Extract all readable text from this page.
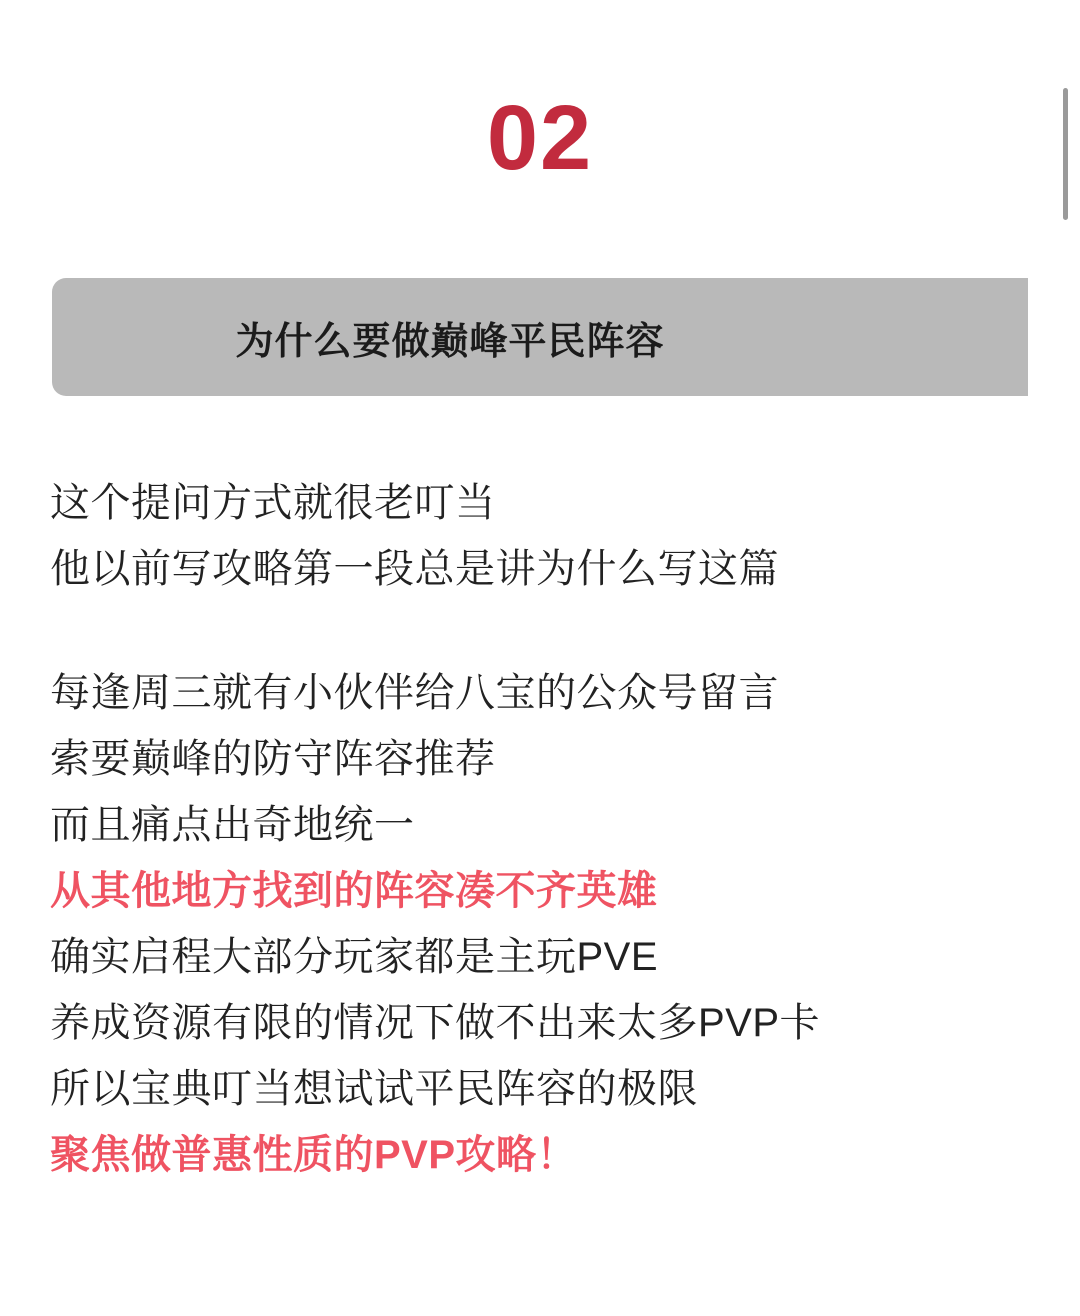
02
为什么要做巅峰平民阵容
这个提问方式就很老叮当
他以前写攻略第一段总是讲为什么写这篇
每逢周三就有小伙伴给八宝的公众号留言
索要巅峰的防守阵容推荐
而且痛点出奇地统一
从其他地方找到的阵容凑不齐英雄
确实启程大部分玩家都是主玩PVE
养成资源有限的情况下做不出来太多PVP卡
所以宝典叮当想试试平民阵容的极限
聚焦做普惠性质的PVP攻略！
